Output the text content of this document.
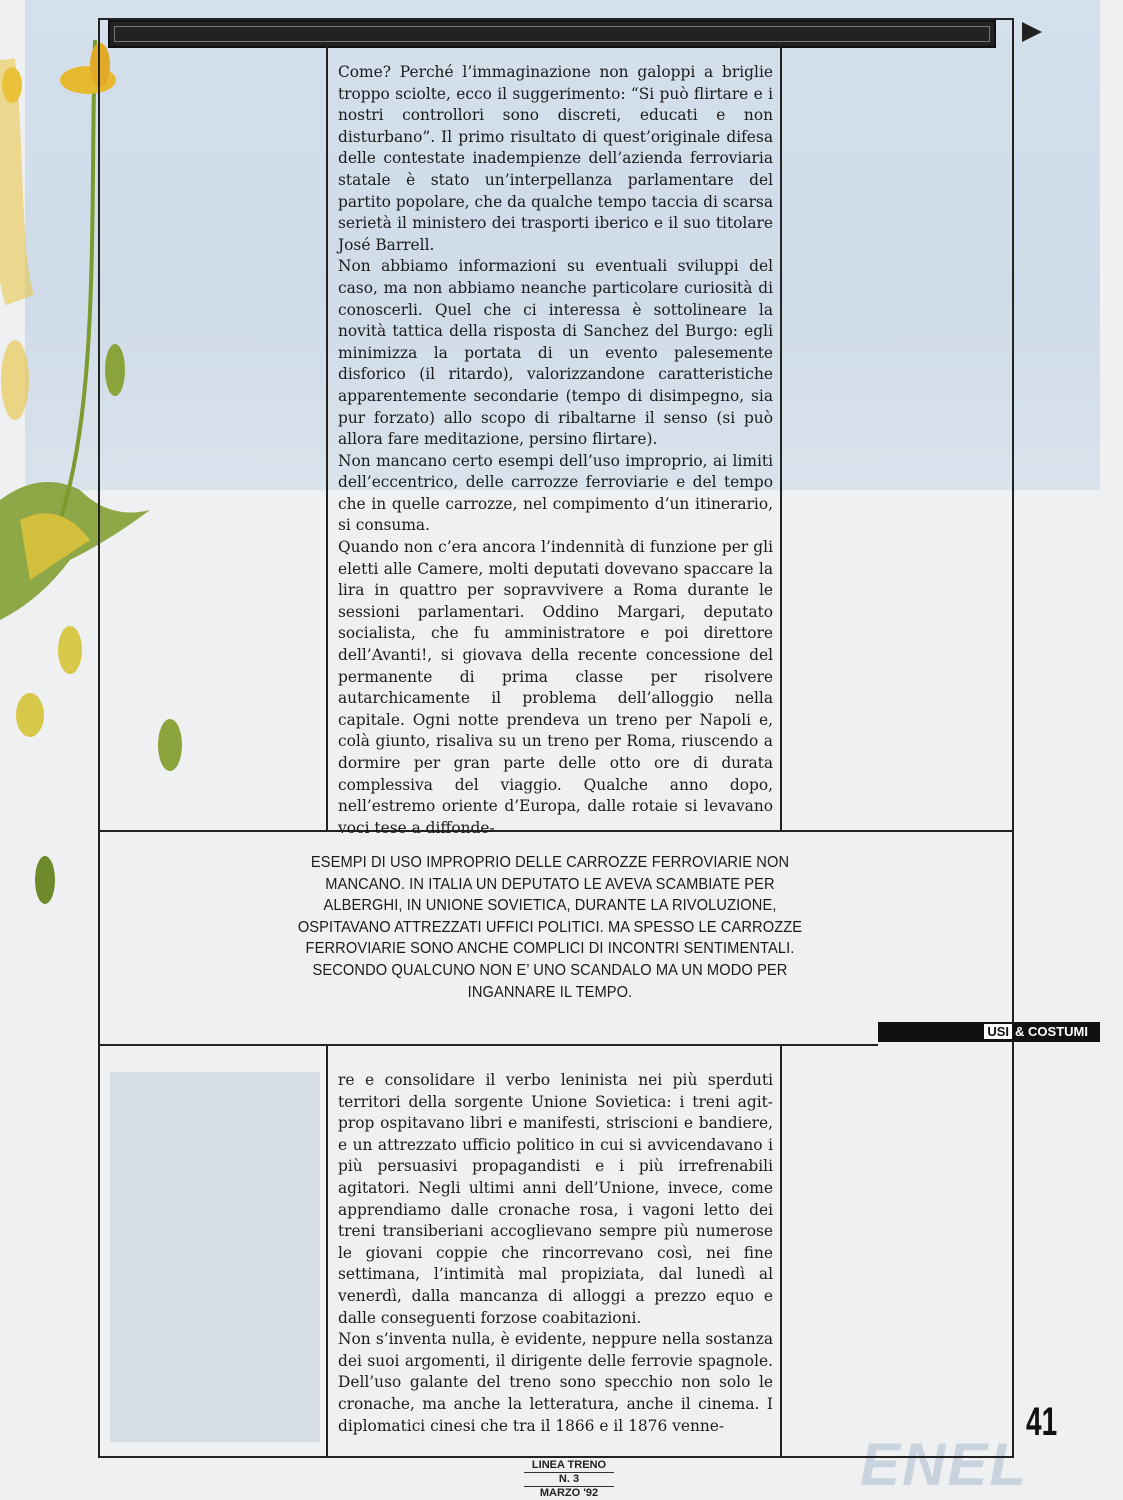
ENEL

Come? Perché l’immaginazione non galoppi a briglie troppo sciolte, ecco il suggerimento: “Si può flirtare e i nostri controllori sono discreti, educati e non disturbano”. Il primo risultato di quest’originale difesa delle contestate inadempienze dell’azienda ferroviaria statale è stato un’interpellanza parlamentare del partito popolare, che da qualche tempo taccia di scarsa serietà il ministero dei trasporti iberico e il suo titolare José Barrell.

Non abbiamo informazioni su eventuali sviluppi del caso, ma non abbiamo neanche particolare curiosità di conoscerli. Quel che ci interessa è sottolineare la novità tattica della risposta di Sanchez del Burgo: egli minimizza la portata di un evento palesemente disforico (il ritardo), valorizzandone caratteristiche apparentemente secondarie (tempo di disimpegno, sia pur forzato) allo scopo di ribaltarne il senso (si può allora fare meditazione, persino flirtare).

Non mancano certo esempi dell’uso improprio, ai limiti dell’eccentrico, delle carrozze ferroviarie e del tempo che in quelle carrozze, nel compimento d’un itinerario, si consuma.

Quando non c’era ancora l’indennità di funzione per gli eletti alle Camere, molti deputati dovevano spaccare la lira in quattro per sopravvivere a Roma durante le sessioni parlamentari. Oddino Margari, deputato socialista, che fu amministratore e poi direttore dell’Avanti!, si giovava della recente concessione del permanente di prima classe per risolvere autarchicamente il problema dell’alloggio nella capitale. Ogni notte prendeva un treno per Napoli e, colà giunto, risaliva su un treno per Roma, riuscendo a dormire per gran parte delle otto ore di durata complessiva del viaggio. Qualche anno dopo, nell’estremo oriente d’Europa, dalle rotaie si levavano voci tese a diffonde-

ESEMPI DI USO IMPROPRIO DELLE CARROZZE FERROVIARIE NON MANCANO. IN ITALIA UN DEPUTATO LE AVEVA SCAMBIATE PER ALBERGHI, IN UNIONE SOVIETICA, DURANTE LA RIVOLUZIONE, OSPITAVANO ATTREZZATI UFFICI POLITICI. MA SPESSO LE CARROZZE FERROVIARIE SONO ANCHE COMPLICI DI INCONTRI SENTIMENTALI. SECONDO QUALCUNO NON E’ UNO SCANDALO MA UN MODO PER INGANNARE IL TEMPO.
USI & COSTUMI

re e consolidare il verbo leninista nei più sperduti territori della sorgente Unione Sovietica: i treni agit-prop ospitavano libri e manifesti, striscioni e bandiere, e un attrezzato ufficio politico in cui si avvicendavano i più persuasivi propagandisti e i più irrefrenabili agitatori. Negli ultimi anni dell’Unione, invece, come apprendiamo dalle cronache rosa, i vagoni letto dei treni transiberiani accoglievano sempre più numerose le giovani coppie che rincorrevano così, nei fine settimana, l’intimità mal propiziata, dal lunedì al venerdì, dalla mancanza di alloggi a prezzo equo e dalle conseguenti forzose coabitazioni.

Non s’inventa nulla, è evidente, neppure nella sostanza dei suoi argomenti, il dirigente delle ferrovie spagnole. Dell’uso galante del treno sono specchio non solo le cronache, ma anche la letteratura, anche il cinema. I diplomatici cinesi che tra il 1866 e il 1876 venne-	41
LINEA TRENO
N. 3
MARZO '92
